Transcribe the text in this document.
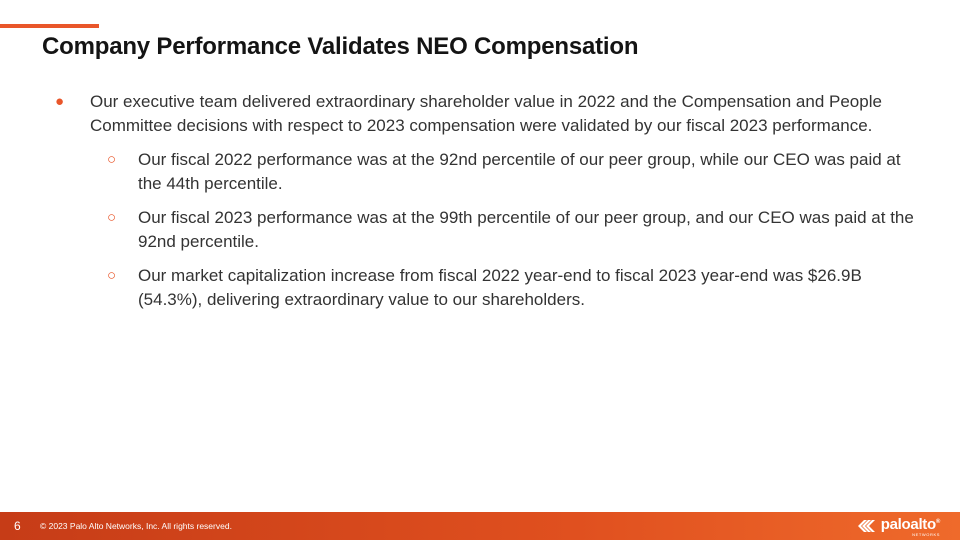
Company Performance Validates NEO Compensation
● Our executive team delivered extraordinary shareholder value in 2022 and the Compensation and People Committee decisions with respect to 2023 compensation were validated by our fiscal 2023 performance.
○ Our fiscal 2022 performance was at the 92nd percentile of our peer group, while our CEO was paid at the 44th percentile.
○ Our fiscal 2023 performance was at the 99th percentile of our peer group, and our CEO was paid at the 92nd percentile.
○ Our market capitalization increase from fiscal 2022 year-end to fiscal 2023 year-end was $26.9B (54.3%), delivering extraordinary value to our shareholders.
6 © 2023 Palo Alto Networks, Inc. All rights reserved.	paloalto®
NETWORKS
